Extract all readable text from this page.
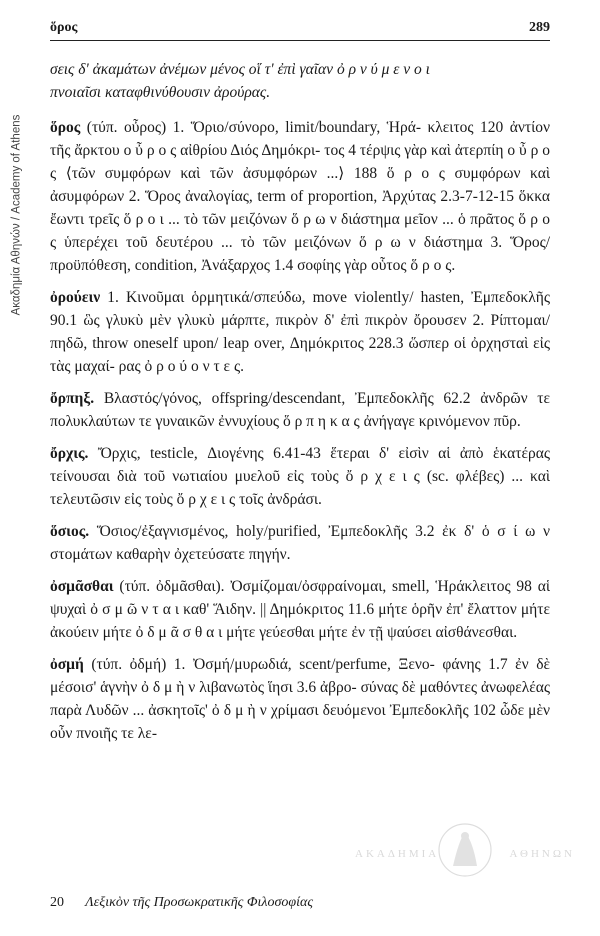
ὅρος	289
Ακαδημία Αθηνών / Academy of Athens

σεις δ' ἀκαμάτων ἀνέμων μένος οἵ τ' ἐπὶ γαῖαν ὀ ρ ν ύ μ ε ν ο ι
πνοιαῖσι καταφθινύθουσιν ἀρούρας.

ὅρος (τύπ. οὖρος) 1. Ὅριο/σύνορο, limit/boundary, Ἡρά- κλειτος 120 ἀντίον τῆς ἄρκτου ο ὖ ρ ο ς αἰθρίου Διός Δημόκρι- τος 4 τέρψις γὰρ καὶ ἀτερπίη ο ὖ ρ ο ς ⟨τῶν συμφόρων καὶ τῶν ἀσυμφόρων ...⟩ 188 ὅ ρ ο ς συμφόρων καὶ ἀσυμφόρων 2. Ὅρος ἀναλογίας, term of proportion, Ἀρχύτας 2.3-7-12-15 ὅκκα ἔωντι τρεῖς ὅ ρ ο ι ... τὸ τῶν μειζόνων ὅ ρ ω ν διάστημα μεῖον ... ὁ πρᾶτος ὅ ρ ο ς ὑπερέχει τοῦ δευτέρου ... τὸ τῶν μειζόνων ὅ ρ ω ν διάστημα 3. Ὅρος/προϋπόθεση, condition, Ἀνάξαρχος 1.4 σοφίης γὰρ οὗτος ὅ ρ ο ς.

ὀρούειν 1. Κινοῦμαι ὁρμητικά/σπεύδω, move violently/ hasten, Ἐμπεδοκλῆς 90.1 ὣς γλυκὺ μὲν γλυκὺ μάρπτε, πικρὸν δ' ἐπὶ πικρὸν ὄρουσεν 2. Ρίπτομαι/πηδῶ, throw oneself upon/ leap over, Δημόκριτος 228.3 ὥσπερ οἱ ὀρχησταὶ εἰς τὰς μαχαί- ρας ὀ ρ ο ύ ο ν τ ε ς.

ὄρπηξ. Βλαστός/γόνος, offspring/descendant, Ἐμπεδοκλῆς 62.2 ἀνδρῶν τε πολυκλαύτων τε γυναικῶν ἐννυχίους ὅ ρ π η κ α ς ἀνήγαγε κρινόμενον πῦρ.

ὄρχις. Ὄρχις, testicle, Διογένης 6.41-43 ἕτεραι δ' εἰσὶν αἱ ἀπὸ ἑκατέρας τείνουσαι διὰ τοῦ νωτιαίου μυελοῦ εἰς τοὺς ὄ ρ χ ε ι ς (sc. φλέβες) ... καὶ τελευτῶσιν εἰς τοὺς ὄ ρ χ ε ι ς τοῖς ἀνδράσι.

ὅσιος. Ὅσιος/ἐξαγνισμένος, holy/purified, Ἐμπεδοκλῆς 3.2 ἐκ δ' ὁ σ ί ω ν στομάτων καθαρὴν ὀχετεύσατε πηγήν.

ὀσμᾶσθαι (τύπ. ὀδμᾶσθαι). Ὀσμίζομαι/ὀσφραίνομαι, smell, Ἡράκλειτος 98 αἱ ψυχαὶ ὀ σ μ ῶ ν τ α ι καθ' Ἅιδην. || Δημόκριτος 11.6 μήτε ὁρῆν ἐπ' ἔλαττον μήτε ἀκούειν μήτε ὀ δ μ ᾶ σ θ α ι μήτε γεύεσθαι μήτε ἐν τῇ ψαύσει αἰσθάνεσθαι.

ὀσμή (τύπ. ὀδμή) 1. Ὀσμή/μυρωδιά, scent/perfume, Ξενο- φάνης 1.7 ἐν δὲ μέσοισ' ἁγνὴν ὀ δ μ ὴ ν λιβανωτὸς ἵησι 3.6 ἀβρο- σύνας δὲ μαθόντες ἀνωφελέας παρὰ Λυδῶν ... ἀσκητοῖς' ὀ δ μ ὴ ν χρίμασι δευόμενοι Ἐμπεδοκλῆς 102 ὧδε μὲν οὖν πνοιῆς τε λε-

ΑΚΑΔΗΜΙΑ	ΑΘΗΝΩΝ
20 Λεξικὸν τῆς Προσωκρατικῆς Φιλοσοφίας
